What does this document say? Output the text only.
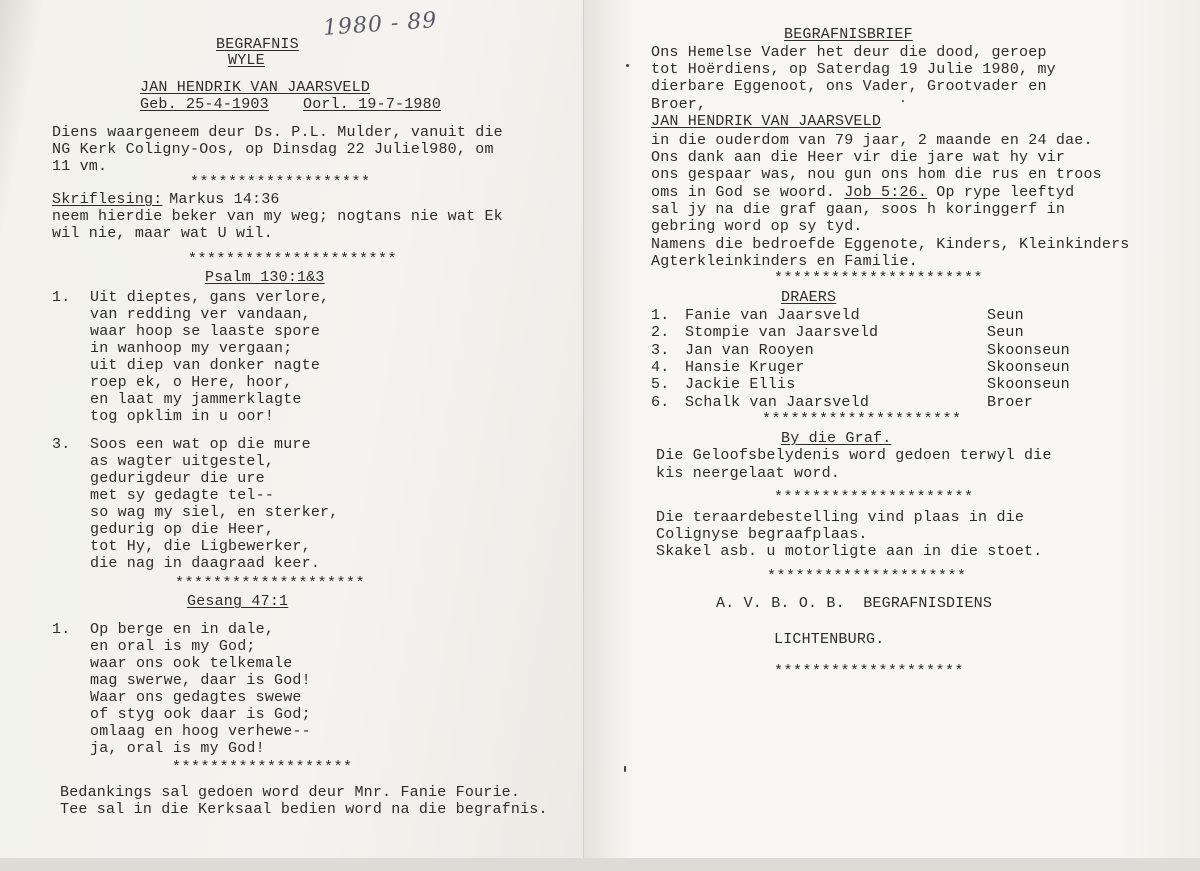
1980 - 89
BEGRAFNIS
WYLE
JAN HENDRIK VAN JAARSVELD
Geb. 25-4-1903 Oorl. 19-7-1980
Diens waargeneem deur Ds. P.L. Mulder, vanuit die
NG Kerk Coligny-Oos, op Dinsdag 22 Juliel980, om
11 vm.
*******************
Skriflesing:
Markus 14:36
neem hierdie beker van my weg; nogtans nie wat Ek
wil nie, maar wat U wil.
**********************
Psalm 130:1&3
1. Uit dieptes, gans verlore,
van redding ver vandaan,
waar hoop se laaste spore
in wanhoop my vergaan;
uit diep van donker nagte
roep ek, o Here, hoor,
en laat my jammerklagte
tog opklim in u oor!
3. Soos een wat op die mure
as wagter uitgestel,
gedurigdeur die ure
met sy gedagte tel--
so wag my siel, en sterker,
gedurig op die Heer,
tot Hy, die Ligbewerker,
die nag in daagraad keer.
********************
Gesang 47:1
1. Op berge en in dale,
en oral is my God;
waar ons ook telkemale
mag swerwe, daar is God!
Waar ons gedagtes swewe
of styg ook daar is God;
omlaag en hoog verhewe--
ja, oral is my God!
*******************
Bedankings sal gedoen word deur Mnr. Fanie Fourie.
Tee sal in die Kerksaal bedien word na die begrafnis.
BEGRAFNISBRIEF
Ons Hemelse Vader het deur die dood, geroep
tot Hoërdiens, op Saterdag 19 Julie 1980, my
dierbare Eggenoot, ons Vader, Grootvader en
Broer,
JAN HENDRIK VAN JAARSVELD
in die ouderdom van 79 jaar, 2 maande en 24 dae.
Ons dank aan die Heer vir die jare wat hy vir
ons gespaar was, nou gun ons hom die rus en troos
oms in God se woord. Job 5:26. Op rype leeftyd
sal jy na die graf gaan, soos h koringgerf in
gebring word op sy tyd.
Namens die bedroefde Eggenote, Kinders, Kleinkinders
Agterkleinkinders en Familie.
**********************
DRAERS
1. Fanie van Jaarsveld	Seun
2. Stompie van Jaarsveld	Seun
3. Jan van Rooyen	Skoonseun
4. Hansie Kruger	Skoonseun
5. Jackie Ellis	Skoonseun
6. Schalk van Jaarsveld	Broer
*********************
By die Graf.
Die Geloofsbelydenis word gedoen terwyl die
kis neergelaat word.
*********************
Die teraardebestelling vind plaas in die
Colignyse begraafplaas.
Skakel asb. u motorligte aan in die stoet.
*********************
A. V. B. O. B.  BEGRAFNISDIENS
LICHTENBURG.
********************
